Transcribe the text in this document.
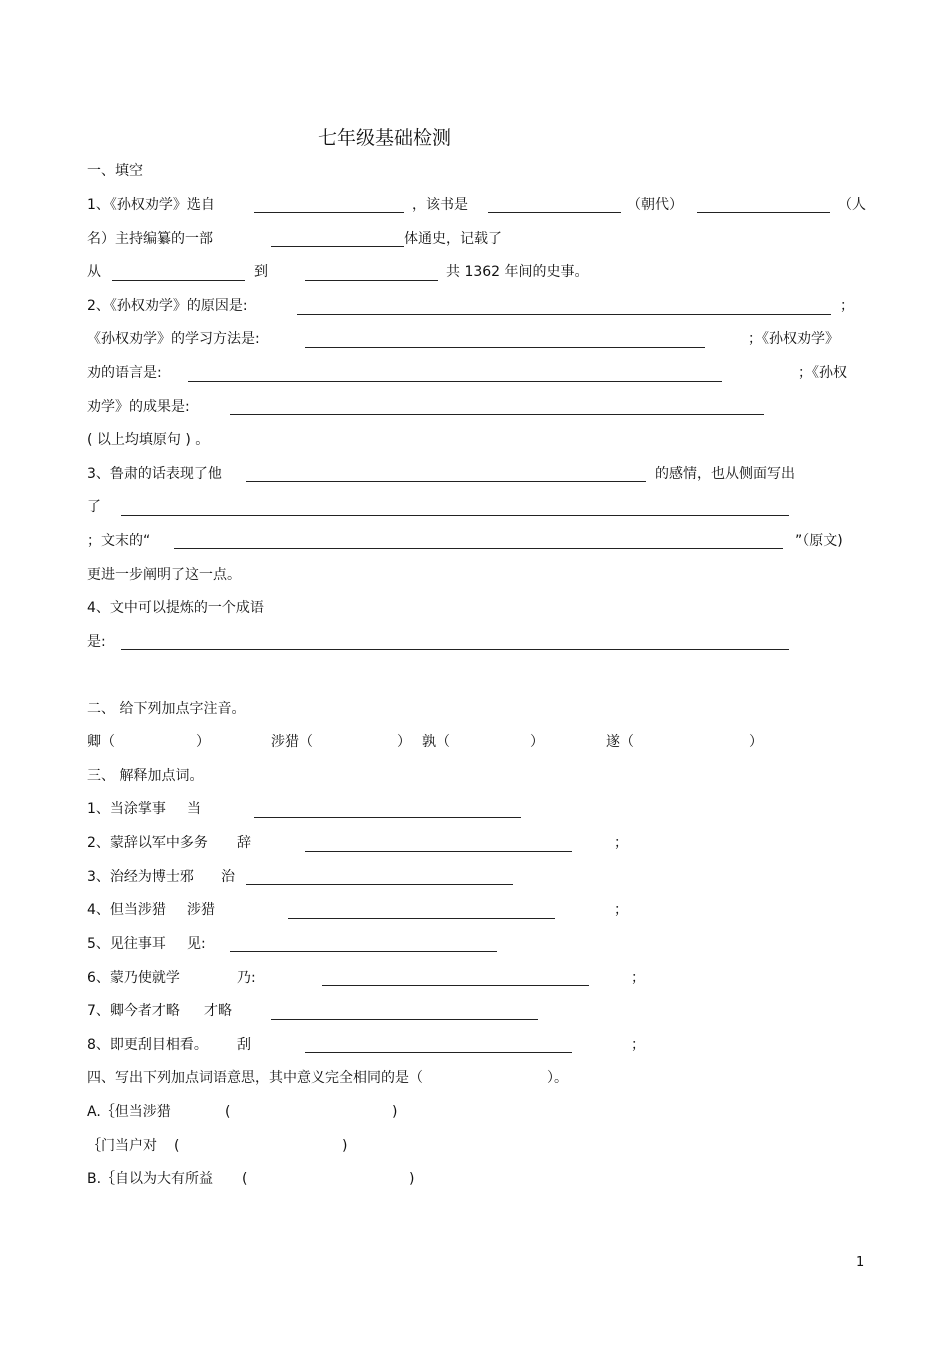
七年级基础检测
一、填空
1、《孙权劝学》选自	，该书是	（朝代）	（人
名）主持编纂的一部	体通史，记载了
从	到	共 1362 年间的史事。
2、《孙权劝学》的原因是:	；
《孙权劝学》的学习方法是:	；《孙权劝学》
劝的语言是:	；《孙权
劝学》的成果是:
( 以上均填原句 ) 。
3、鲁肃的话表现了他	的感情，也从侧面写出
了
；文末的“	”（原文)
更进一步阐明了这一点。
4、文中可以提炼的一个成语
是:
二、 给下列加点字注音。
卿（	）	涉猎（	） 孰（	）	遂（	）
三、 解释加点词。
1、当涂掌事 当
2、蒙辞以军中多务 辞	；
3、治经为博士邪 治
4、但当涉猎 涉猎	；
5、见往事耳 见:
6、蒙乃使就学	乃:	；
7、卿今者才略 才略
8、即更刮目相看。 刮	；
四、写出下列加点词语意思，其中意义完全相同的是（	）。
A.｛但当涉猎	(	)
｛门当户对 (	)
B.｛自以为大有所益 (	)
1
